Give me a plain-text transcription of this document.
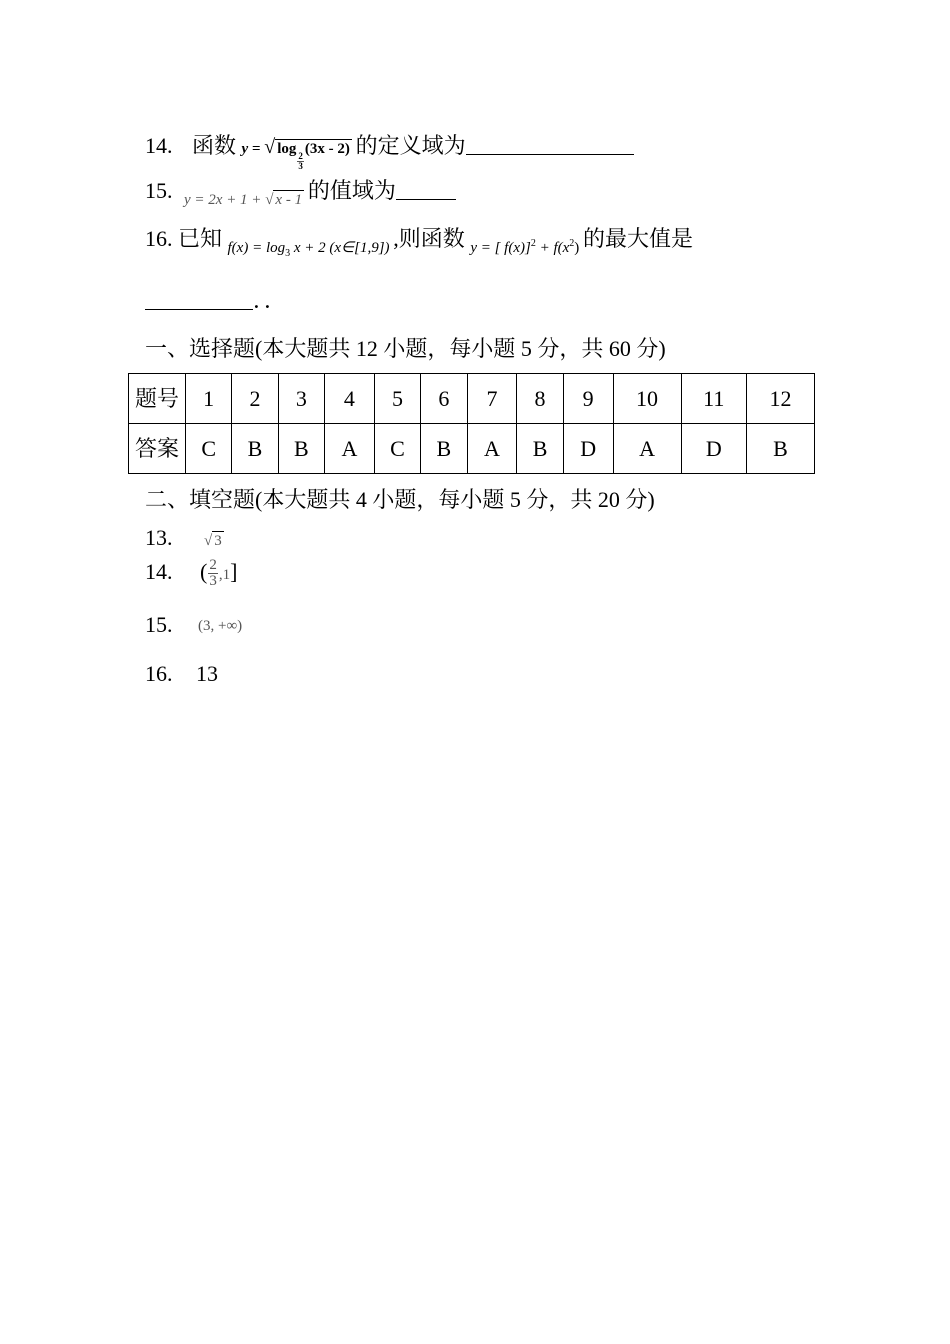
14. 函数 y = √ log
$\frac{2}{3}$
(3x - 2) 的定义域为
15. $_{y = 2x + 1 + √ x - 1}$ 的值域为
16. 已知 $_{f(x) = log_3 x + 2 (x\in[1,9])}$ ,则函数 $_{y = [ f(x)]^2 + f(x^2)}$ 的最大值是
．．
一、选择题(本大题共 12 小题，每小题 5 分，共 60 分)
题号	1	2	3	4	5	6	7	8	9	10	11	12
答案	C	B	B	A	C	B	A	B	D	A	D	B
二、填空题(本大题共 4 小题，每小题 5 分，共 20 分)
13. √ 3
14. ( $\frac{2}{3} ,1$]
15. (3, +∞)
16. 13
